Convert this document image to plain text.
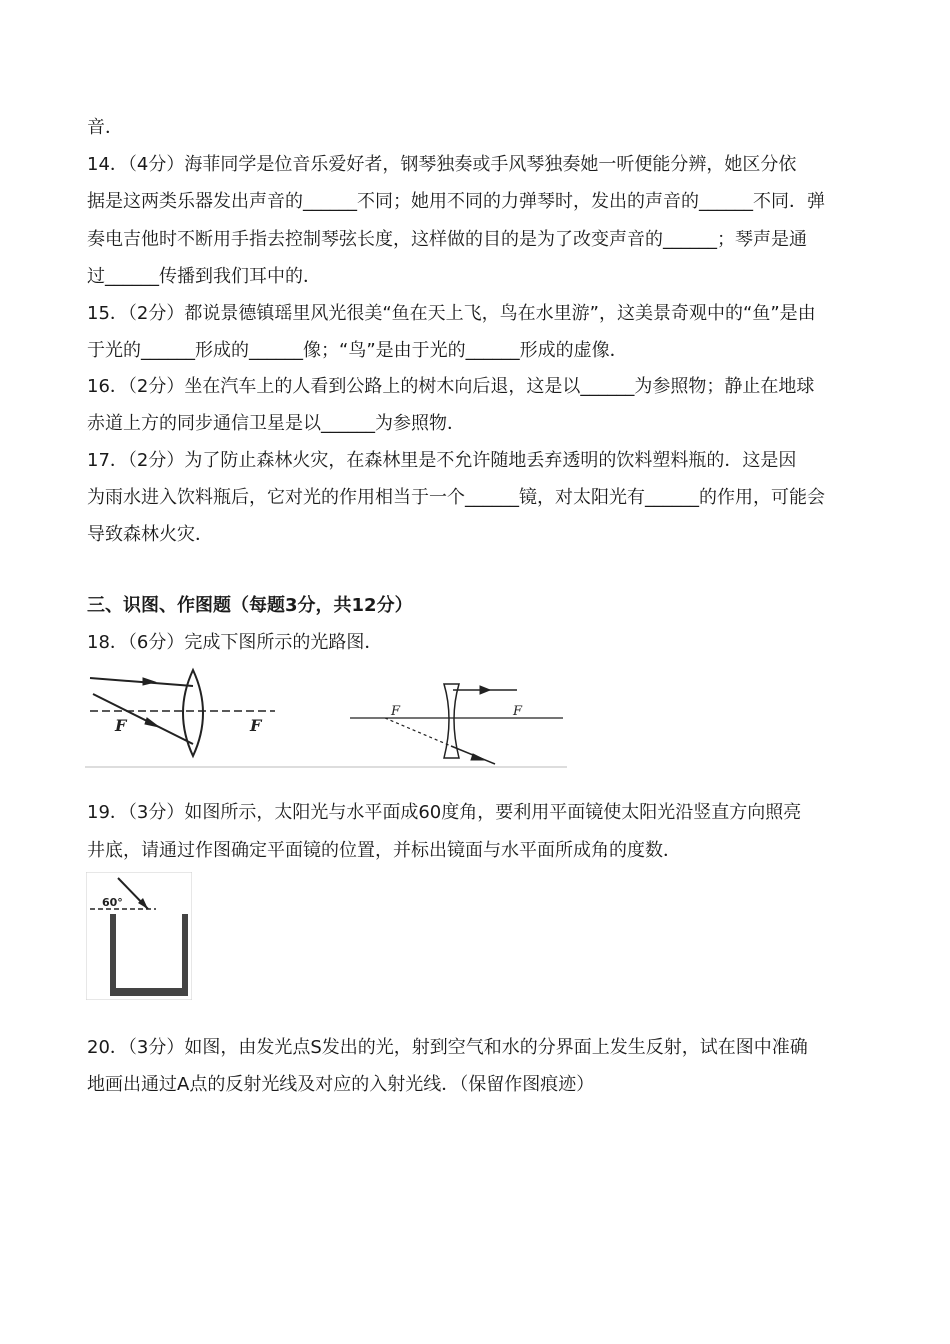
音．
14．（4分）海菲同学是位音乐爱好者，钢琴独奏或手风琴独奏她一听便能分辨，她区分依
据是这两类乐器发出声音的______不同；她用不同的力弹琴时，发出的声音的______不同．弹
奏电吉他时不断用手指去控制琴弦长度，这样做的目的是为了改变声音的______；琴声是通
过______传播到我们耳中的．
15．（2分）都说景德镇瑶里风光很美“鱼在天上飞，鸟在水里游”，这美景奇观中的“鱼”是由
于光的______形成的______像；“鸟”是由于光的______形成的虚像．
16．（2分）坐在汽车上的人看到公路上的树木向后退，这是以______为参照物；静止在地球
赤道上方的同步通信卫星是以______为参照物．
17．（2分）为了防止森林火灾，在森林里是不允许随地丢弃透明的饮料塑料瓶的．这是因
为雨水进入饮料瓶后，它对光的作用相当于一个______镜，对太阳光有______的作用，可能会
导致森林火灾．
三、识图、作图题（每题3分，共12分）
18．（6分）完成下图所示的光路图．
F	F
F	F
19．（3分）如图所示，太阳光与水平面成60度角，要利用平面镜使太阳光沿竖直方向照亮
井底，请通过作图确定平面镜的位置，并标出镜面与水平面所成角的度数．
60°
20．（3分）如图，由发光点S发出的光，射到空气和水的分界面上发生反射，试在图中准确
地画出通过A点的反射光线及对应的入射光线．（保留作图痕迹）
